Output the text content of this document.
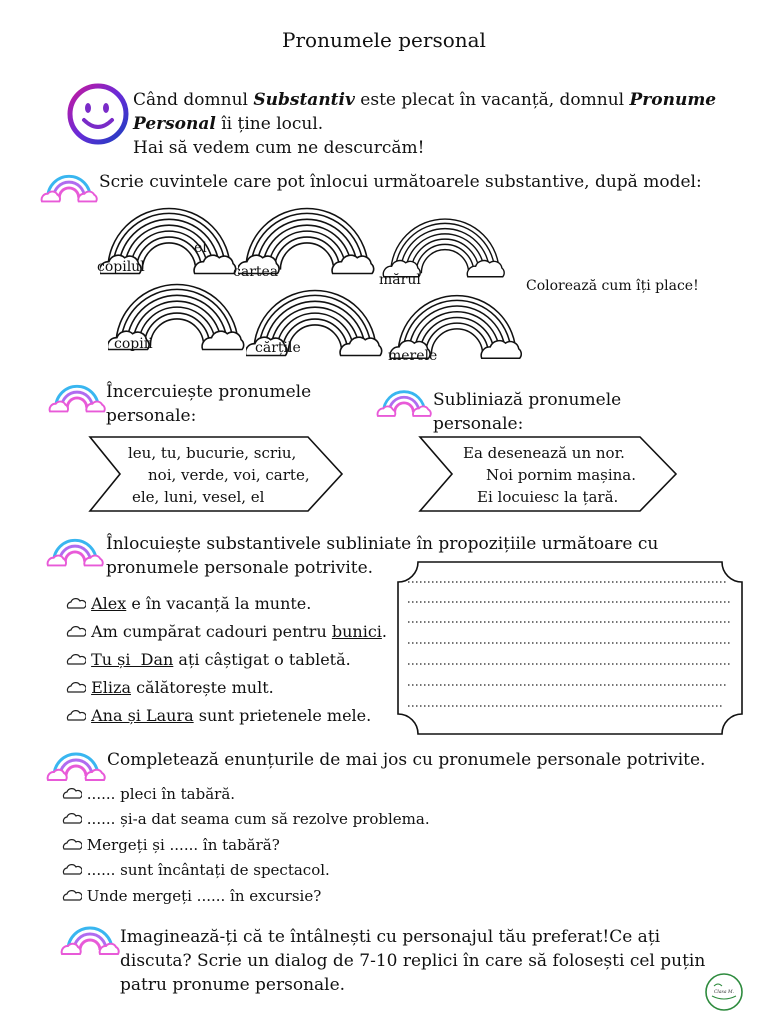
Pronumele personal
Când domnul Substantiv este plecat în vacanță, domnul Pronume
Personal îi ține locul.
Hai să vedem cum ne descurcăm!
Scrie cuvintele care pot înlocui următoarele substantive, după model:
copilul
el
cartea	mărul
copiii	cărțile	merele
Colorează cum îți place!
Încercuiește pronumele
personale:
leu, tu, bucurie, scriu,
noi, verde, voi, carte,
ele, luni, vesel, el
Subliniază pronumele
personale:
Ea desenează un nor.
Noi pornim mașina.
Ei locuiesc la țară.
Înlocuiește substantivele subliniate în propozițiile următoare cu
pronumele personale potrivite.
Alex e în vacanță la munte.
Am cumpărat cadouri pentru bunici.
Tu și  Dan ați câștigat o tabletă.
Eliza călătorește mult.
Ana și Laura sunt prietenele mele.
Completează enunțurile de mai jos cu pronumele personale potrivite.
...... pleci în tabără.
...... și-a dat seama cum să rezolve problema.
Mergeți și ...... în tabără?
...... sunt încântați de spectacol.
Unde mergeți ...... în excursie?
Imaginează-ți că te întâlnești cu personajul tău preferat!Ce ați
discuta? Scrie un dialog de 7-10 replici în care să folosești cel puțin
patru pronume personale.	Clasa M.
